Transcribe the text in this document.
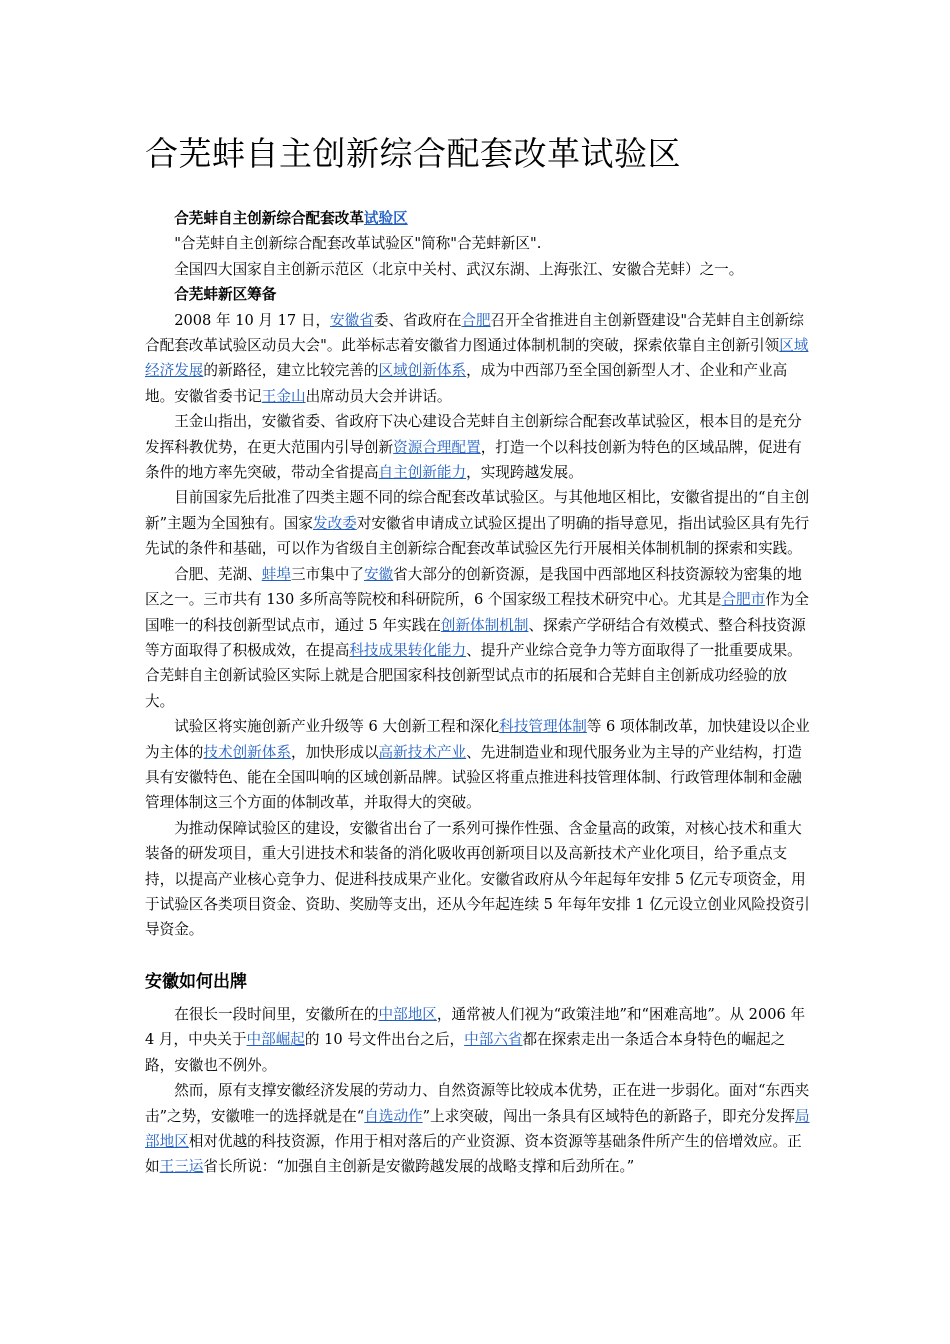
合芜蚌自主创新综合配套改革试验区

合芜蚌自主创新综合配套改革试验区

"合芜蚌自主创新综合配套改革试验区"简称"合芜蚌新区".

全国四大国家自主创新示范区（北京中关村、武汉东湖、上海张江、安徽合芜蚌）之一。

合芜蚌新区筹备

2008 年 10 月 17 日，安徽省委、省政府在合肥召开全省推进自主创新暨建设"合芜蚌自主创新综合配套改革试验区动员大会"。此举标志着安徽省力图通过体制机制的突破，探索依靠自主创新引领区域经济发展的新路径，建立比较完善的区域创新体系，成为中西部乃至全国创新型人才、企业和产业高地。安徽省委书记王金山出席动员大会并讲话。

王金山指出，安徽省委、省政府下决心建设合芜蚌自主创新综合配套改革试验区，根本目的是充分发挥科教优势，在更大范围内引导创新资源合理配置，打造一个以科技创新为特色的区域品牌，促进有条件的地方率先突破，带动全省提高自主创新能力，实现跨越发展。

目前国家先后批准了四类主题不同的综合配套改革试验区。与其他地区相比，安徽省提出的“自主创新”主题为全国独有。国家发改委对安徽省申请成立试验区提出了明确的指导意见，指出试验区具有先行先试的条件和基础，可以作为省级自主创新综合配套改革试验区先行开展相关体制机制的探索和实践。

合肥、芜湖、蚌埠三市集中了安徽省大部分的创新资源，是我国中西部地区科技资源较为密集的地区之一。三市共有 130 多所高等院校和科研院所，6 个国家级工程技术研究中心。尤其是合肥市作为全国唯一的科技创新型试点市，通过 5 年实践在创新体制机制、探索产学研结合有效模式、整合科技资源等方面取得了积极成效，在提高科技成果转化能力、提升产业综合竞争力等方面取得了一批重要成果。合芜蚌自主创新试验区实际上就是合肥国家科技创新型试点市的拓展和合芜蚌自主创新成功经验的放大。

试验区将实施创新产业升级等 6 大创新工程和深化科技管理体制等 6 项体制改革，加快建设以企业为主体的技术创新体系，加快形成以高新技术产业、先进制造业和现代服务业为主导的产业结构，打造具有安徽特色、能在全国叫响的区域创新品牌。试验区将重点推进科技管理体制、行政管理体制和金融管理体制这三个方面的体制改革，并取得大的突破。

为推动保障试验区的建设，安徽省出台了一系列可操作性强、含金量高的政策，对核心技术和重大装备的研发项目，重大引进技术和装备的消化吸收再创新项目以及高新技术产业化项目，给予重点支持，以提高产业核心竞争力、促进科技成果产业化。安徽省政府从今年起每年安排 5 亿元专项资金，用于试验区各类项目资金、资助、奖励等支出，还从今年起连续 5 年每年安排 1 亿元设立创业风险投资引导资金。

安徽如何出牌

在很长一段时间里，安徽所在的中部地区，通常被人们视为“政策洼地”和“困难高地”。从 2006 年 4 月，中央关于中部崛起的 10 号文件出台之后，中部六省都在探索走出一条适合本身特色的崛起之路，安徽也不例外。

然而，原有支撑安徽经济发展的劳动力、自然资源等比较成本优势，正在进一步弱化。面对“东西夹击”之势，安徽唯一的选择就是在“自选动作”上求突破，闯出一条具有区域特色的新路子，即充分发挥局部地区相对优越的科技资源，作用于相对落后的产业资源、资本资源等基础条件所产生的倍增效应。正如王三运省长所说：“加强自主创新是安徽跨越发展的战略支撑和后劲所在。”
